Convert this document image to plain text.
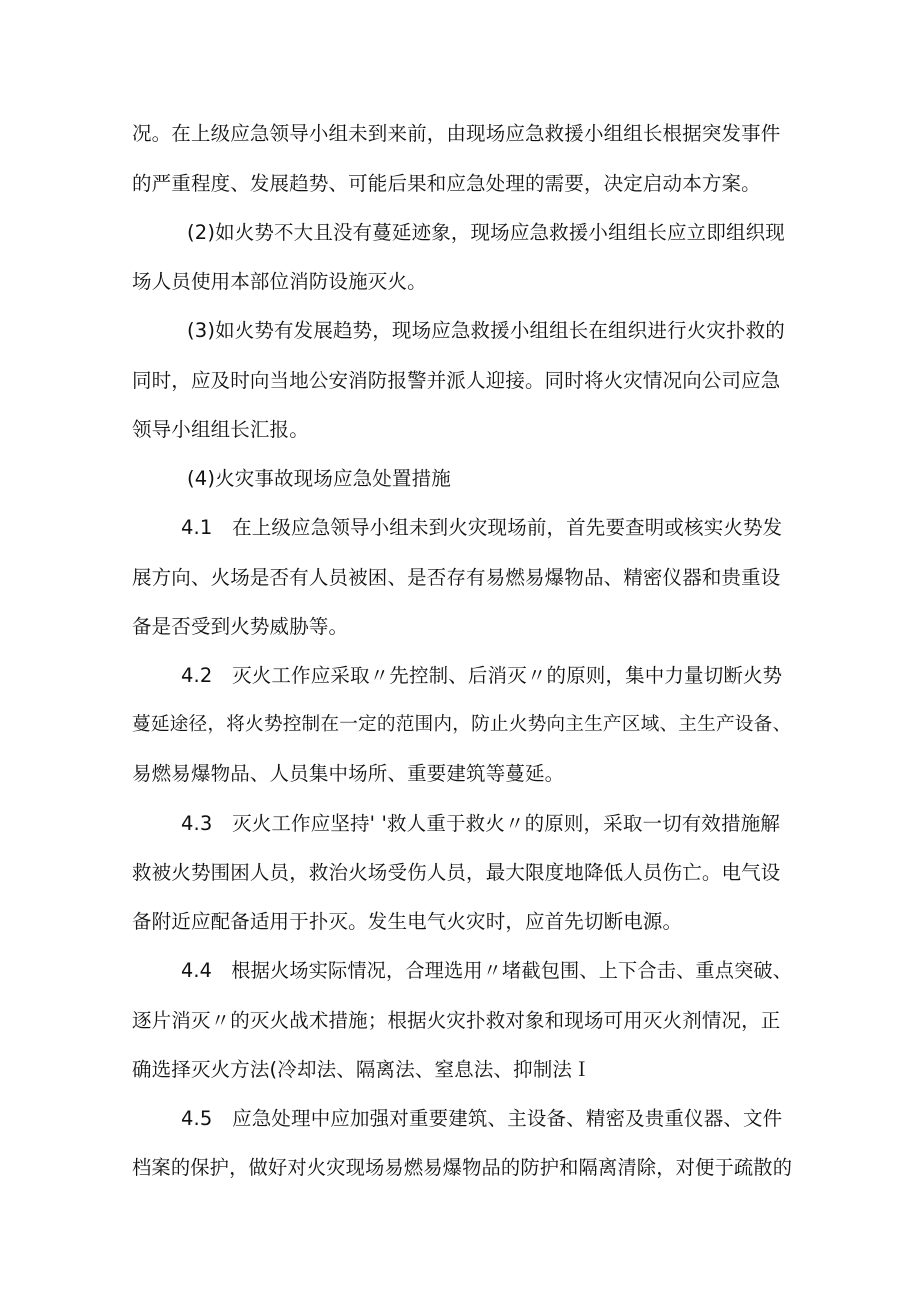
况。在上级应急领导小组未到来前，由现场应急救援小组组长根据突发事件
的严重程度、发展趋势、可能后果和应急处理的需要，决定启动本方案。
(2)如火势不大且没有蔓延迹象，现场应急救援小组组长应立即组织现
场人员使用本部位消防设施灭火。
(3)如火势有发展趋势，现场应急救援小组组长在组织进行火灾扑救的
同时，应及时向当地公安消防报警并派人迎接。同时将火灾情况向公司应急
领导小组组长汇报。
(4)火灾事故现场应急处置措施
4.1　在上级应急领导小组未到火灾现场前，首先要查明或核实火势发
展方向、火场是否有人员被困、是否存有易燃易爆物品、精密仪器和贵重设
备是否受到火势威胁等。
4.2　灭火工作应采取〃先控制、后消灭〃的原则，集中力量切断火势
蔓延途径，将火势控制在一定的范围内，防止火势向主生产区域、主生产设备、
易燃易爆物品、人员集中场所、重要建筑等蔓延。
4.3　灭火工作应坚持' '救人重于救火〃的原则，采取一切有效措施解
救被火势围困人员，救治火场受伤人员，最大限度地降低人员伤亡。电气设
备附近应配备适用于扑灭。发生电气火灾时，应首先切断电源。
4.4　根据火场实际情况，合理选用〃堵截包围、上下合击、重点突破、
逐片消灭〃的灭火战术措施；根据火灾扑救对象和现场可用灭火剂情况，正
确选择灭火方法(冷却法、隔离法、窒息法、抑制法Ｉ
4.5　应急处理中应加强对重要建筑、主设备、精密及贵重仪器、文件
档案的保护，做好对火灾现场易燃易爆物品的防护和隔离清除，对便于疏散的
